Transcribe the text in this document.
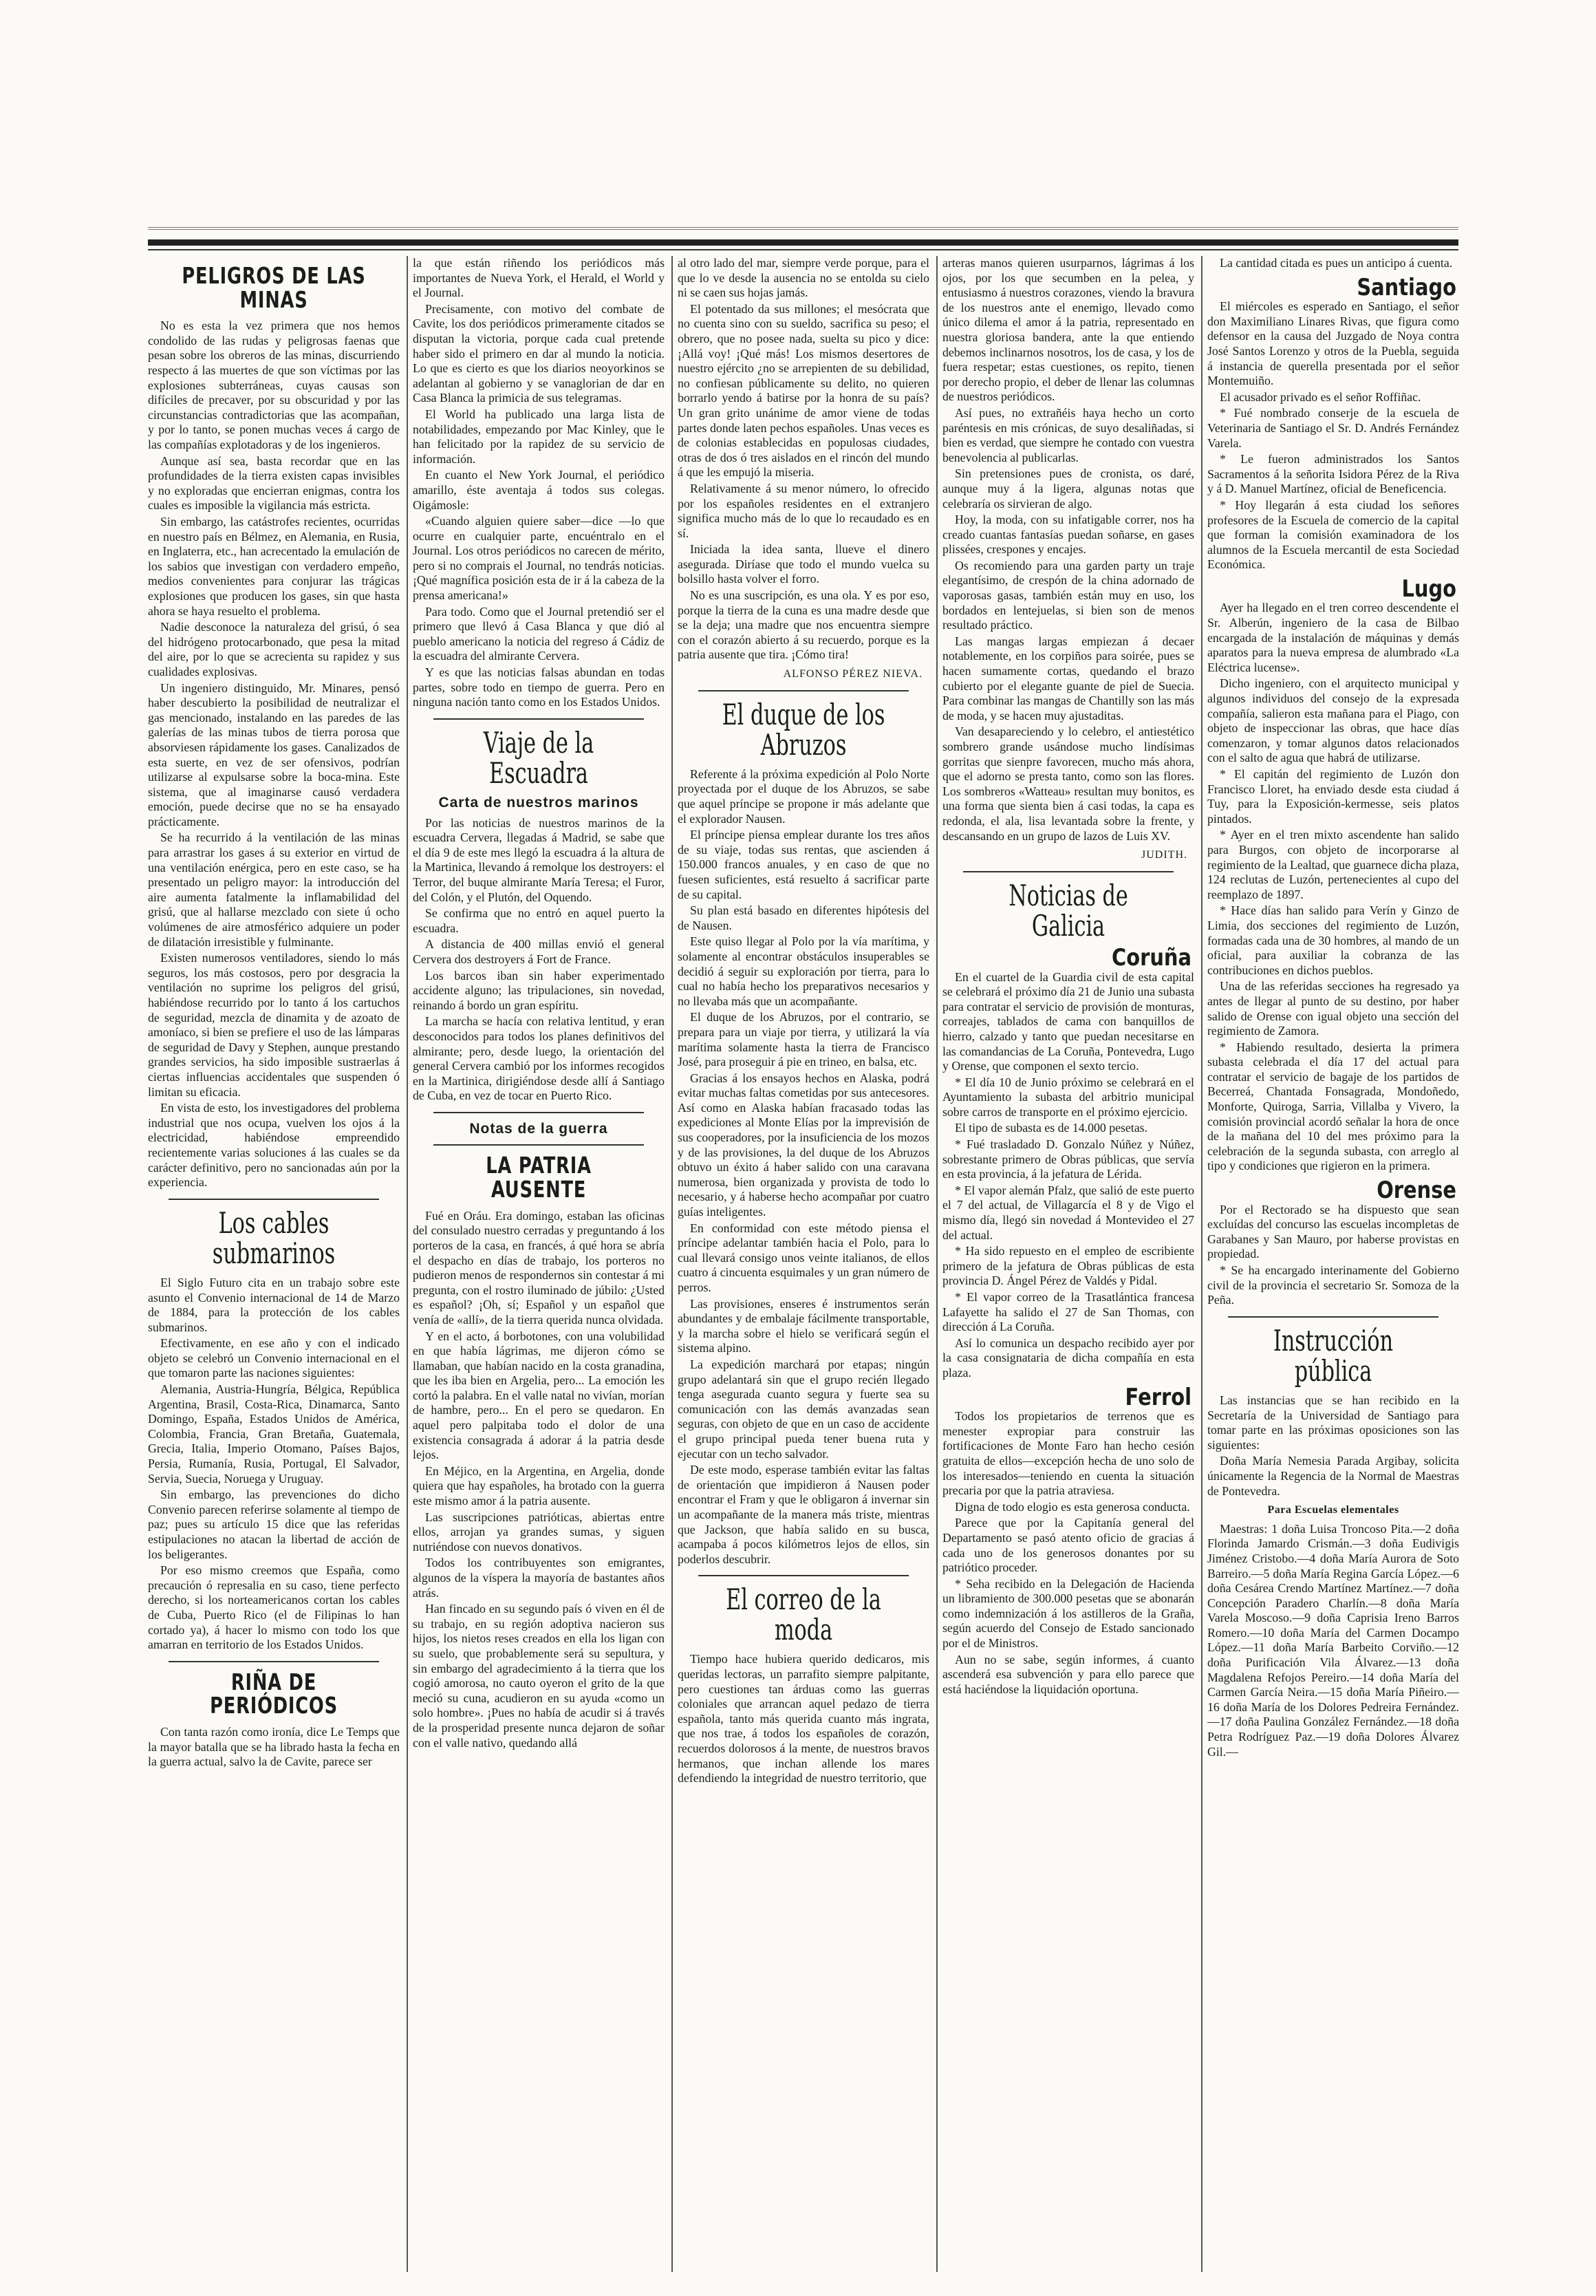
PELIGROS DE LAS MINAS

No es esta la vez primera que nos hemos condolido de las rudas y peligrosas faenas que pesan sobre los obreros de las minas, discurriendo respecto á las muertes de que son víctimas por las explosiones subterráneas, cuyas causas son difíciles de precaver, por su obscuridad y por las circunstancias contradictorias que las acompañan, y por lo tanto, se ponen muchas veces á cargo de las compañías explotadoras y de los ingenieros.

Aunque así sea, basta recordar que en las profundidades de la tierra existen capas invisibles y no exploradas que encierran enigmas, contra los cuales es imposible la vigilancia más estricta.

Sin embargo, las catástrofes recientes, ocurridas en nuestro país en Bélmez, en Alemania, en Rusia, en Inglaterra, etc., han acrecentado la emulación de los sabios que investigan con verdadero empeño, medios convenientes para conjurar las trágicas explosiones que producen los gases, sin que hasta ahora se haya resuelto el problema.

Nadie desconoce la naturaleza del grisú, ó sea del hidrógeno protocarbonado, que pesa la mitad del aire, por lo que se acrecienta su rapidez y sus cualidades explosivas.

Un ingeniero distinguido, Mr. Minares, pensó haber descubierto la posibilidad de neutralizar el gas mencionado, instalando en las paredes de las galerías de las minas tubos de tierra porosa que absorviesen rápidamente los gases. Canalizados de esta suerte, en vez de ser ofensivos, podrían utilizarse al expulsarse sobre la boca-mina. Este sistema, que al imaginarse causó verdadera emoción, puede decirse que no se ha ensayado prácticamente.

Se ha recurrido á la ventilación de las minas para arrastrar los gases á su exterior en virtud de una ventilación enérgica, pero en este caso, se ha presentado un peligro mayor: la introducción del aire aumenta fatalmente la inflamabilidad del grisú, que al hallarse mezclado con siete ú ocho volúmenes de aire atmosférico adquiere un poder de dilatación irresistible y fulminante.

Existen numerosos ventiladores, siendo lo más seguros, los más costosos, pero por desgracia la ventilación no suprime los peligros del grisú, habiéndose recurrido por lo tanto á los cartuchos de seguridad, mezcla de dinamita y de azoato de amoníaco, si bien se prefiere el uso de las lámparas de seguridad de Davy y Stephen, aunque prestando grandes servicios, ha sido imposible sustraerlas á ciertas influencias accidentales que suspenden ó limitan su eficacia.

En vista de esto, los investigadores del problema industrial que nos ocupa, vuelven los ojos á la electricidad, habiéndose empreendido recientemente varias soluciones á las cuales se da carácter definitivo, pero no sancionadas aún por la experiencia.

Los cables submarinos

El Siglo Futuro cita en un trabajo sobre este asunto el Convenio internacional de 14 de Marzo de 1884, para la protección de los cables submarinos.

Efectivamente, en ese año y con el indicado objeto se celebró un Convenio internacional en el que tomaron parte las naciones siguientes:

Alemania, Austria-Hungría, Bélgica, República Argentina, Brasil, Costa-Rica, Dinamarca, Santo Domingo, España, Estados Unidos de América, Colombia, Francia, Gran Bretaña, Guatemala, Grecia, Italia, Imperio Otomano, Países Bajos, Persia, Rumanía, Rusia, Portugal, El Salvador, Servia, Suecia, Noruega y Uruguay.

Sin embargo, las prevenciones do dicho Convenio parecen referirse solamente al tiempo de paz; pues su artículo 15 dice que las referidas estipulaciones no atacan la libertad de acción de los beligerantes.

Por eso mismo creemos que España, como precaución ó represalia en su caso, tiene perfecto derecho, si los norteamericanos cortan los cables de Cuba, Puerto Rico (el de Filipinas lo han cortado ya), á hacer lo mismo con todo los que amarran en territorio de los Estados Unidos.

RIÑA DE PERIÓDICOS

Con tanta razón como ironía, dice Le Temps que la mayor batalla que se ha librado hasta la fecha en la guerra actual, salvo la de Cavite, parece ser

la que están riñendo los periódicos más importantes de Nueva York, el Herald, el World y el Journal.

Precisamente, con motivo del combate de Cavite, los dos periódicos primeramente citados se disputan la victoria, porque cada cual pretende haber sido el primero en dar al mundo la noticia. Lo que es cierto es que los diarios neoyorkinos se adelantan al gobierno y se vanaglorian de dar en Casa Blanca la primicia de sus telegramas.

El World ha publicado una larga lista de notabilidades, empezando por Mac Kinley, que le han felicitado por la rapidez de su servicio de información.

En cuanto el New York Journal, el periódico amarillo, éste aventaja á todos sus colegas. Oigámosle:

«Cuando alguien quiere saber—dice —lo que ocurre en cualquier parte, encuéntralo en el Journal. Los otros periódicos no carecen de mérito, pero si no comprais el Journal, no tendrás noticias. ¡Qué magnífica posición esta de ir á la cabeza de la prensa americana!»

Para todo. Como que el Journal pretendió ser el primero que llevó á Casa Blanca y que dió al pueblo americano la noticia del regreso á Cádiz de la escuadra del almirante Cervera.

Y es que las noticias falsas abundan en todas partes, sobre todo en tiempo de guerra. Pero en ninguna nación tanto como en los Estados Unidos.

Viaje de la Escuadra
Carta de nuestros marinos

Por las noticias de nuestros marinos de la escuadra Cervera, llegadas á Madrid, se sabe que el día 9 de este mes llegó la escuadra á la altura de la Martinica, llevando á remolque los destroyers: el Terror, del buque almirante María Teresa; el Furor, del Colón, y el Plutón, del Oquendo.

Se confirma que no entró en aquel puerto la escuadra.

A distancia de 400 millas envió el general Cervera dos destroyers á Fort de France.

Los barcos iban sin haber experimentado accidente alguno; las tripulaciones, sin novedad, reinando á bordo un gran espíritu.

La marcha se hacía con relativa lentitud, y eran desconocidos para todos los planes definitivos del almirante; pero, desde luego, la orientación del general Cervera cambió por los informes recogidos en la Martinica, dirigiéndose desde allí á Santiago de Cuba, en vez de tocar en Puerto Rico.

Notas de la guerra
LA PATRIA AUSENTE

Fué en Oráu. Era domingo, estaban las oficinas del consulado nuestro cerradas y preguntando á los porteros de la casa, en francés, á qué hora se abría el despacho en días de trabajo, los porteros no pudieron menos de respondernos sin contestar á mi pregunta, con el rostro iluminado de júbilo: ¿Usted es español? ¡Oh, sí; Español y un español que venía de «allí», de la tierra querida nunca olvidada.

Y en el acto, á borbotones, con una volubilidad en que había lágrimas, me dijeron cómo se llamaban, que habían nacido en la costa granadina, que les iba bien en Argelia, pero... La emoción les cortó la palabra. En el valle natal no vivían, morían de hambre, pero... En el pero se quedaron. En aquel pero palpitaba todo el dolor de una existencia consagrada á adorar á la patria desde lejos.

En Méjico, en la Argentina, en Argelia, donde quiera que hay españoles, ha brotado con la guerra este mismo amor á la patria ausente.

Las suscripciones patrióticas, abiertas entre ellos, arrojan ya grandes sumas, y siguen nutriéndose con nuevos donativos.

Todos los contribuyentes son emigrantes, algunos de la víspera la mayoría de bastantes años atrás.

Han fincado en su segundo país ó viven en él de su trabajo, en su región adoptiva nacieron sus hijos, los nietos reses creados en ella los ligan con su suelo, que probablemente será su sepultura, y sin embargo del agradecimiento á la tierra que los cogió amorosa, no cauto oyeron el grito de la que meció su cuna, acudieron en su ayuda «como un solo hombre». ¡Pues no había de acudir si á través de la prosperidad presente nunca dejaron de soñar con el valle nativo, quedando allá

al otro lado del mar, siempre verde porque, para el que lo ve desde la ausencia no se entolda su cielo ni se caen sus hojas jamás.

El potentado da sus millones; el mesócrata que no cuenta sino con su sueldo, sacrifica su peso; el obrero, que no posee nada, suelta su pico y dice: ¡Allá voy! ¡Qué más! Los mismos desertores de nuestro ejército ¿no se arrepienten de su debilidad, no confiesan públicamente su delito, no quieren borrarlo yendo á batirse por la honra de su país? Un gran grito unánime de amor viene de todas partes donde laten pechos españoles. Unas veces es de colonias establecidas en populosas ciudades, otras de dos ó tres aislados en el rincón del mundo á que les empujó la miseria.

Relativamente á su menor número, lo ofrecido por los españoles residentes en el extranjero significa mucho más de lo que lo recaudado es en sí.

Iniciada la idea santa, llueve el dinero asegurada. Diríase que todo el mundo vuelca su bolsillo hasta volver el forro.

No es una suscripción, es una ola. Y es por eso, porque la tierra de la cuna es una madre desde que se la deja; una madre que nos encuentra siempre con el corazón abierto á su recuerdo, porque es la patria ausente que tira. ¡Cómo tira!

ALFONSO PÉREZ NIEVA.

El duque de los Abruzos

Referente á la próxima expedición al Polo Norte proyectada por el duque de los Abruzos, se sabe que aquel príncipe se propone ir más adelante que el explorador Nausen.

El príncipe piensa emplear durante los tres años de su viaje, todas sus rentas, que ascienden á 150.000 francos anuales, y en caso de que no fuesen suficientes, está resuelto á sacrificar parte de su capital.

Su plan está basado en diferentes hipótesis del de Nausen.

Este quiso llegar al Polo por la vía marítima, y solamente al encontrar obstáculos insuperables se decidió á seguir su exploración por tierra, para lo cual no había hecho los preparativos necesarios y no llevaba más que un acompañante.

El duque de los Abruzos, por el contrario, se prepara para un viaje por tierra, y utilizará la vía marítima solamente hasta la tierra de Francisco José, para proseguir á pie en trineo, en balsa, etc.

Gracias á los ensayos hechos en Alaska, podrá evitar muchas faltas cometidas por sus antecesores. Así como en Alaska habían fracasado todas las expediciones al Monte Elías por la imprevisión de sus cooperadores, por la insuficiencia de los mozos y de las provisiones, la del duque de los Abruzos obtuvo un éxito á haber salido con una caravana numerosa, bien organizada y provista de todo lo necesario, y á haberse hecho acompañar por cuatro guías inteligentes.

En conformidad con este método piensa el príncipe adelantar también hacia el Polo, para lo cual llevará consigo unos veinte italianos, de ellos cuatro á cincuenta esquimales y un gran número de perros.

Las provisiones, enseres é instrumentos serán abundantes y de embalaje fácilmente transportable, y la marcha sobre el hielo se verificará según el sistema alpino.

La expedición marchará por etapas; ningún grupo adelantará sin que el grupo recién llegado tenga asegurada cuanto segura y fuerte sea su comunicación con las demás avanzadas sean seguras, con objeto de que en un caso de accidente el grupo principal pueda tener buena ruta y ejecutar con un techo salvador.

De este modo, esperase también evitar las faltas de orientación que impidieron á Nausen poder encontrar el Fram y que le obligaron á invernar sin un acompañante de la manera más triste, mientras que Jackson, que había salido en su busca, acampaba á pocos kilómetros lejos de ellos, sin poderlos descubrir.

El correo de la moda

Tiempo hace hubiera querido dedicaros, mis queridas lectoras, un parrafito siempre palpitante, pero cuestiones tan árduas como las guerras coloniales que arrancan aquel pedazo de tierra española, tanto más querida cuanto más ingrata, que nos trae, á todos los españoles de corazón, recuerdos dolorosos á la mente, de nuestros bravos hermanos, que inchan allende los mares defendiendo la integridad de nuestro territorio, que

arteras manos quieren usurparnos, lágrimas á los ojos, por los que secumben en la pelea, y entusiasmo á nuestros corazones, viendo la bravura de los nuestros ante el enemigo, llevado como único dilema el amor á la patria, representado en nuestra gloriosa bandera, ante la que entiendo debemos inclinarnos nosotros, los de casa, y los de fuera respetar; estas cuestiones, os repito, tienen por derecho propio, el deber de llenar las columnas de nuestros periódicos.

Así pues, no extrañéis haya hecho un corto paréntesis en mis crónicas, de suyo desaliñadas, si bien es verdad, que siempre he contado con vuestra benevolencia al publicarlas.

Sin pretensiones pues de cronista, os daré, aunque muy á la ligera, algunas notas que celebraría os sirvieran de algo.

Hoy, la moda, con su infatigable correr, nos ha creado cuantas fantasías puedan soñarse, en gases plissées, crespones y encajes.

Os recomiendo para una garden party un traje elegantísimo, de crespón de la china adornado de vaporosas gasas, también están muy en uso, los bordados en lentejuelas, si bien son de menos resultado práctico.

Las mangas largas empiezan á decaer notablemente, en los corpiños para soirée, pues se hacen sumamente cortas, quedando el brazo cubierto por el elegante guante de piel de Suecia. Para combinar las mangas de Chantilly son las más de moda, y se hacen muy ajustaditas.

Van desapareciendo y lo celebro, el antiestético sombrero grande usándose mucho lindísimas gorritas que sienpre favorecen, mucho más ahora, que el adorno se presta tanto, como son las flores. Los sombreros «Watteau» resultan muy bonitos, es una forma que sienta bien á casi todas, la capa es redonda, el ala, lisa levantada sobre la frente, y descansando en un grupo de lazos de Luis XV.

JUDITH.

Noticias de Galicia
Coruña

En el cuartel de la Guardia civil de esta capital se celebrará el próximo día 21 de Junio una subasta para contratar el servicio de provisión de monturas, correajes, tablados de cama con banquillos de hierro, calzado y tanto que puedan necesitarse en las comandancias de La Coruña, Pontevedra, Lugo y Orense, que componen el sexto tercio.

* El día 10 de Junio próximo se celebrará en el Ayuntamiento la subasta del arbitrio municipal sobre carros de transporte en el próximo ejercicio.

El tipo de subasta es de 14.000 pesetas.

* Fué trasladado D. Gonzalo Núñez y Núñez, sobrestante primero de Obras públicas, que servía en esta provincia, á la jefatura de Lérida.

* El vapor alemán Pfalz, que salió de este puerto el 7 del actual, de Villagarcía el 8 y de Vigo el mismo día, llegó sin novedad á Montevideo el 27 del actual.

* Ha sido repuesto en el empleo de escribiente primero de la jefatura de Obras públicas de esta provincia D. Ángel Pérez de Valdés y Pidal.

* El vapor correo de la Trasatlántica francesa Lafayette ha salido el 27 de San Thomas, con dirección á La Coruña.

Así lo comunica un despacho recibido ayer por la casa consignataria de dicha compañía en esta plaza.

Ferrol

Todos los propietarios de terrenos que es menester expropiar para construir las fortificaciones de Monte Faro han hecho cesión gratuita de ellos—excepción hecha de uno solo de los interesados—teniendo en cuenta la situación precaria por que la patria atraviesa.

Digna de todo elogio es esta generosa conducta.

Parece que por la Capitanía general del Departamento se pasó atento oficio de gracias á cada uno de los generosos donantes por su patriótico proceder.

* Seha recibido en la Delegación de Hacienda un libramiento de 300.000 pesetas que se abonarán como indemnización á los astilleros de la Graña, según acuerdo del Consejo de Estado sancionado por el de Ministros.

Aun no se sabe, según informes, á cuanto ascenderá esa subvención y para ello parece que está haciéndose la liquidación oportuna.

La cantidad citada es pues un anticipo á cuenta.

Santiago

El miércoles es esperado en Santiago, el señor don Maximiliano Linares Rivas, que figura como defensor en la causa del Juzgado de Noya contra José Santos Lorenzo y otros de la Puebla, seguida á instancia de querella presentada por el señor Montemuiño.

El acusador privado es el señor Roffiñac.

* Fué nombrado conserje de la escuela de Veterinaria de Santiago el Sr. D. Andrés Fernández Varela.

* Le fueron administrados los Santos Sacramentos á la señorita Isidora Pérez de la Riva y á D. Manuel Martínez, oficial de Beneficencia.

* Hoy llegarán á esta ciudad los señores profesores de la Escuela de comercio de la capital que forman la comisión examinadora de los alumnos de la Escuela mercantil de esta Sociedad Económica.

Lugo

Ayer ha llegado en el tren correo descendente el Sr. Alberún, ingeniero de la casa de Bilbao encargada de la instalación de máquinas y demás aparatos para la nueva empresa de alumbrado «La Eléctrica lucense».

Dicho ingeniero, con el arquitecto municipal y algunos individuos del consejo de la expresada compañía, salieron esta mañana para el Piago, con objeto de inspeccionar las obras, que hace días comenzaron, y tomar algunos datos relacionados con el salto de agua que habrá de utilizarse.

* El capitán del regimiento de Luzón don Francisco Lloret, ha enviado desde esta ciudad á Tuy, para la Exposición-kermesse, seis platos pintados.

* Ayer en el tren mixto ascendente han salido para Burgos, con objeto de incorporarse al regimiento de la Lealtad, que guarnece dicha plaza, 124 reclutas de Luzón, pertenecientes al cupo del reemplazo de 1897.

* Hace días han salido para Verín y Ginzo de Limia, dos secciones del regimiento de Luzón, formadas cada una de 30 hombres, al mando de un oficial, para auxiliar la cobranza de las contribuciones en dichos pueblos.

Una de las referidas secciones ha regresado ya antes de llegar al punto de su destino, por haber salido de Orense con igual objeto una sección del regimiento de Zamora.

* Habiendo resultado, desierta la primera subasta celebrada el día 17 del actual para contratar el servicio de bagaje de los partidos de Becerreá, Chantada Fonsagrada, Mondoñedo, Monforte, Quiroga, Sarria, Villalba y Vivero, la comisión provincial acordó señalar la hora de once de la mañana del 10 del mes próximo para la celebración de la segunda subasta, con arreglo al tipo y condiciones que rigieron en la primera.

Orense

Por el Rectorado se ha dispuesto que sean excluídas del concurso las escuelas incompletas de Garabanes y San Mauro, por haberse provistas en propiedad.

* Se ha encargado interinamente del Gobierno civil de la provincia el secretario Sr. Somoza de la Peña.

Instrucción pública

Las instancias que se han recibido en la Secretaría de la Universidad de Santiago para tomar parte en las próximas oposiciones son las siguientes:

Doña María Nemesia Parada Argibay, solicita únicamente la Regencia de la Normal de Maestras de Pontevedra.

Para Escuelas elementales

Maestras: 1 doña Luisa Troncoso Pita.—2 doña Florinda Jamardo Crismán.—3 doña Eudivigis Jiménez Cristobo.—4 doña María Aurora de Soto Barreiro.—5 doña María Regina García López.—6 doña Cesárea Crendo Martínez Martínez.—7 doña Concepción Paradero Charlín.—8 doña María Varela Moscoso.—9 doña Caprisia Ireno Barros Romero.—10 doña María del Carmen Docampo López.—11 doña María Barbeito Corviño.—12 doña Purificación Vila Álvarez.—13 doña Magdalena Refojos Pereiro.—14 doña María del Carmen García Neira.—15 doña María Piñeiro.—16 doña María de los Dolores Pedreira Fernández.—17 doña Paulina González Fernández.—18 doña Petra Rodríguez Paz.—19 doña Dolores Álvarez Gil.—
